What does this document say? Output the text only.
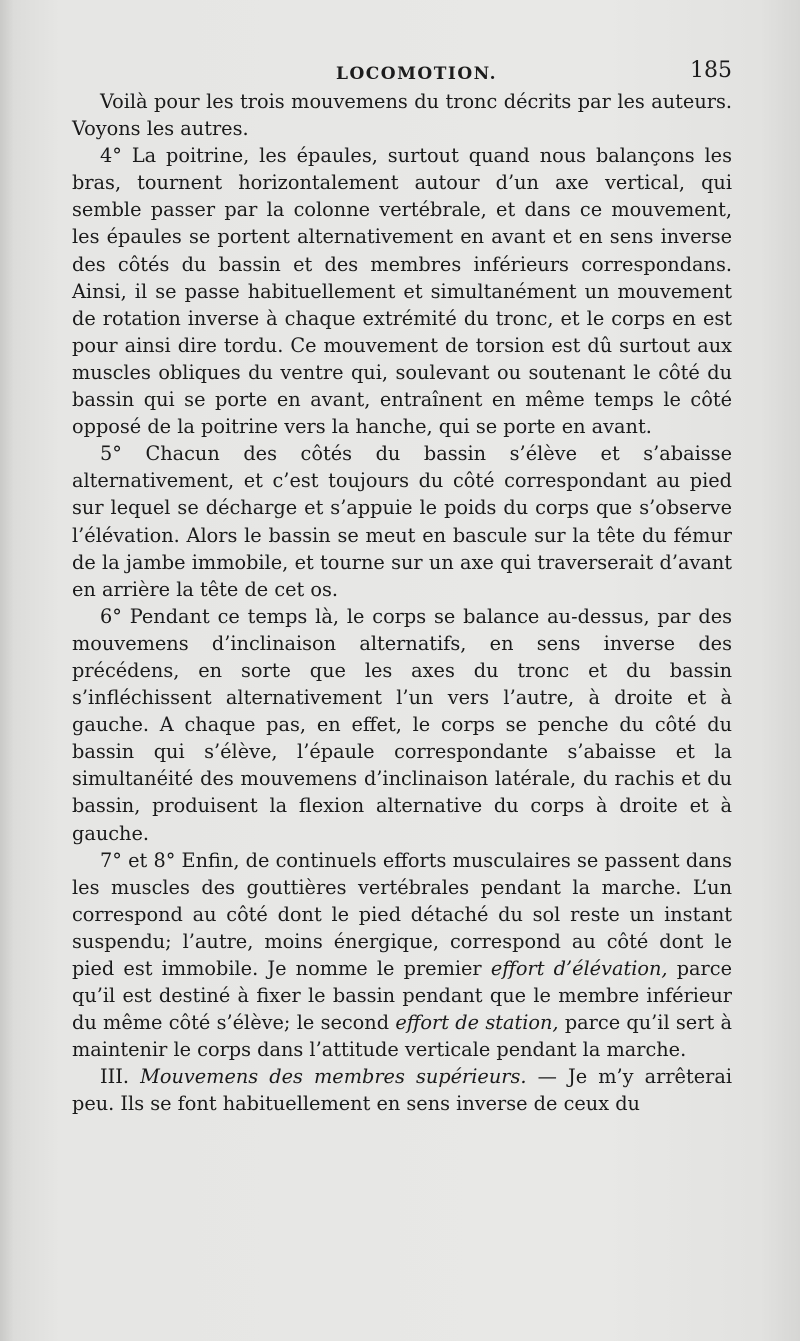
LOCOMOTION.	185

Voilà pour les trois mouvemens du tronc décrits par les auteurs. Voyons les autres.

4° La poitrine, les épaules, surtout quand nous balançons les bras, tournent horizontalement autour d’un axe vertical, qui semble passer par la colonne vertébrale, et dans ce mouvement, les épaules se portent alternativement en avant et en sens inverse des côtés du bassin et des membres inférieurs correspondans. Ainsi, il se passe habituellement et simultanément un mouvement de rotation inverse à chaque extrémité du tronc, et le corps en est pour ainsi dire tordu. Ce mouvement de torsion est dû surtout aux muscles obliques du ventre qui, soulevant ou soutenant le côté du bassin qui se porte en avant, entraînent en même temps le côté opposé de la poitrine vers la hanche, qui se porte en avant.

5° Chacun des côtés du bassin s’élève et s’abaisse alternativement, et c’est toujours du côté correspondant au pied sur lequel se décharge et s’appuie le poids du corps que s’observe l’élévation. Alors le bassin se meut en bascule sur la tête du fémur de la jambe immobile, et tourne sur un axe qui traverserait d’avant en arrière la tête de cet os.

6° Pendant ce temps là, le corps se balance au-dessus, par des mouvemens d’inclinaison alternatifs, en sens inverse des précédens, en sorte que les axes du tronc et du bassin s’infléchissent alternativement l’un vers l’autre, à droite et à gauche. A chaque pas, en effet, le corps se penche du côté du bassin qui s’élève, l’épaule correspondante s’abaisse et la simultanéité des mouvemens d’inclinaison latérale, du rachis et du bassin, produisent la flexion alternative du corps à droite et à gauche.

7° et 8° Enfin, de continuels efforts musculaires se passent dans les muscles des gouttières vertébrales pendant la marche. L’un correspond au côté dont le pied détaché du sol reste un instant suspendu; l’autre, moins énergique, correspond au côté dont le pied est immobile. Je nomme le premier effort d’élévation, parce qu’il est destiné à fixer le bassin pendant que le membre inférieur du même côté s’élève; le second effort de station, parce qu’il sert à maintenir le corps dans l’attitude verticale pendant la marche.

III. Mouvemens des membres supérieurs. — Je m’y arrêterai peu. Ils se font habituellement en sens inverse de ceux du
